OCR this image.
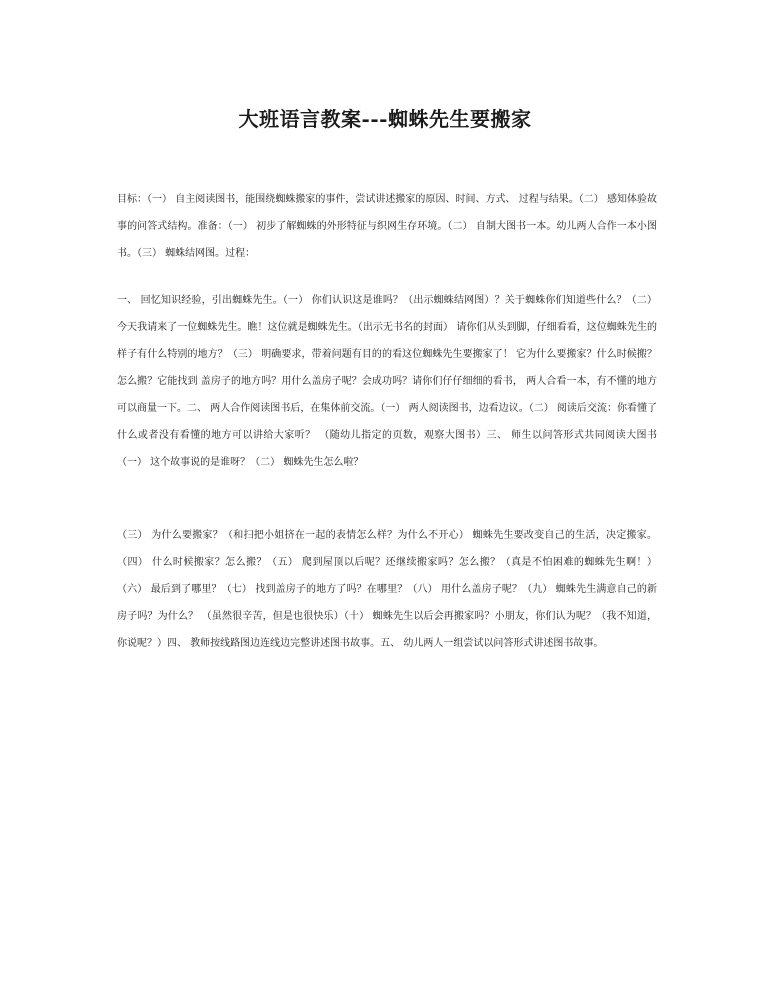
大班语言教案---蜘蛛先生要搬家

目标：（一） 自主阅读图书，能围绕蜘蛛搬家的事件，尝试讲述搬家的原因、时间、方式、 过程与结果。（二） 感知体验故事的问答式结构。准备：（一） 初步了解蜘蛛的外形特征与织网生存环境。（二） 自制大图书一本。幼儿两人合作一本小图书。（三） 蜘蛛结网图。过程：

一、 回忆知识经验，引出蜘蛛先生。（一） 你们认识这是谁吗？（出示蜘蛛结网图）？关于蜘蛛你们知道些什么？（二） 今天我请来了一位蜘蛛先生。瞧！这位就是蜘蛛先生。（出示无书名的封面） 请你们从头到脚，仔细看看，这位蜘蛛先生的样子有什么特别的地方？（三） 明确要求，带着问题有目的的看这位蜘蛛先生要搬家了！ 它为什么要搬家？什么时候搬？怎么搬？它能找到 盖房子的地方吗？用什么盖房子呢？会成功吗？请你们仔仔细细的看书， 两人合看一本，有不懂的地方可以商量一下。二、 两人合作阅读图书后，在集体前交流。（一） 两人阅读图书，边看边议。（二） 阅读后交流：你看懂了什么或者没有看懂的地方可以讲给大家听？ （随幼儿指定的页数，观察大图书）三、 师生以问答形式共同阅读大图书（一） 这个故事说的是谁呀？（二） 蜘蛛先生怎么啦？

（三） 为什么要搬家？（和扫把小姐挤在一起的表情怎么样？为什么不开心） 蜘蛛先生要改变自己的生活，决定搬家。（四） 什么时候搬家？怎么搬？（五） 爬到屋顶以后呢？还继续搬家吗？怎么搬？（真是不怕困难的蜘蛛先生啊！）（六） 最后到了哪里？（七） 找到盖房子的地方了吗？在哪里？（八） 用什么盖房子呢？（九） 蜘蛛先生满意自己的新房子吗？为什么？ （虽然很辛苦，但是也很快乐）（十） 蜘蛛先生以后会再搬家吗？小朋友，你们认为呢？（我不知道，你说呢？）四、 教师按线路图边连线边完整讲述图书故事。五、 幼儿两人一组尝试以问答形式讲述图书故事。
